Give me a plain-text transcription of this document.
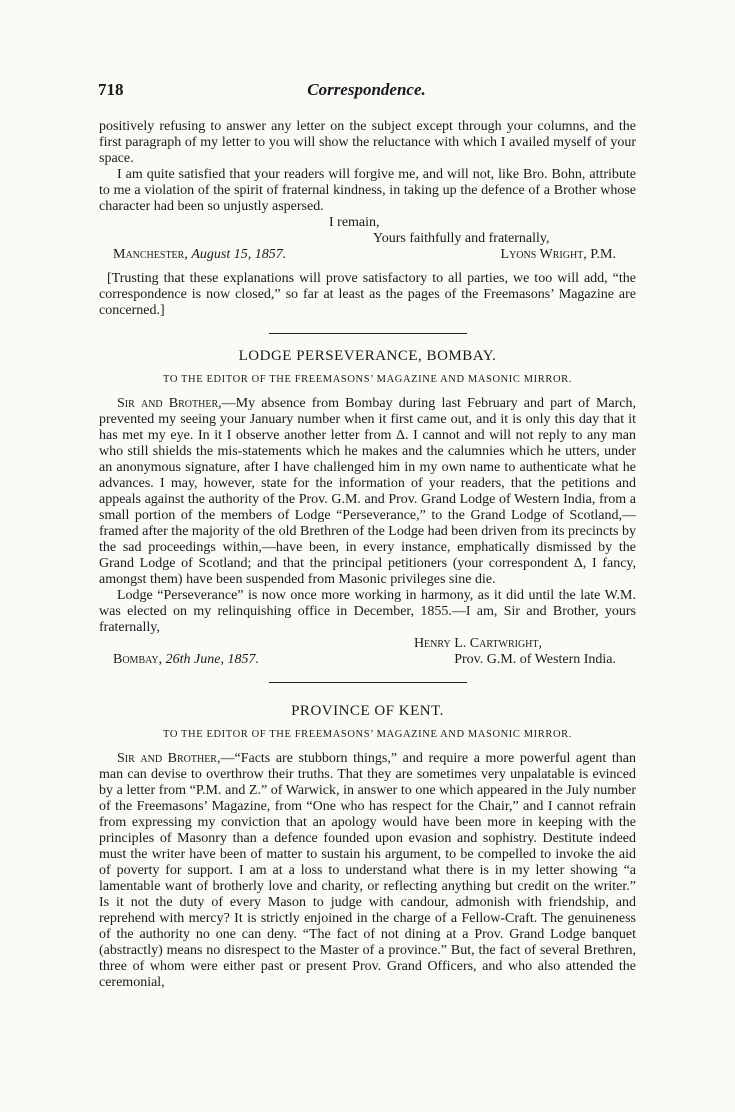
718	Correspondence.

positively refusing to answer any letter on the subject except through your columns, and the first paragraph of my letter to you will show the reluctance with which I availed myself of your space.

I am quite satisfied that your readers will forgive me, and will not, like Bro. Bohn, attribute to me a violation of the spirit of fraternal kindness, in taking up the defence of a Brother whose character had been so unjustly aspersed.

I remain,
Yours faithfully and fraternally,
Manchester, August 15, 1857.	Lyons Wright, P.M.

[Trusting that these explanations will prove satisfactory to all parties, we too will add, “the correspondence is now closed,” so far at least as the pages of the Freemasons’ Magazine are concerned.]

LODGE PERSEVERANCE, BOMBAY.
TO THE EDITOR OF THE FREEMASONS’ MAGAZINE AND MASONIC MIRROR.

Sir and Brother,—My absence from Bombay during last February and part of March, prevented my seeing your January number when it first came out, and it is only this day that it has met my eye. In it I observe another letter from Δ. I cannot and will not reply to any man who still shields the mis-statements which he makes and the calumnies which he utters, under an anonymous signature, after I have challenged him in my own name to authenticate what he advances. I may, however, state for the information of your readers, that the petitions and appeals against the authority of the Prov. G.M. and Prov. Grand Lodge of Western India, from a small portion of the members of Lodge “Perseverance,” to the Grand Lodge of Scotland,—framed after the majority of the old Brethren of the Lodge had been driven from its precincts by the sad proceedings within,—have been, in every instance, emphatically dismissed by the Grand Lodge of Scotland; and that the principal petitioners (your correspondent Δ, I fancy, amongst them) have been suspended from Masonic privileges sine die.

Lodge “Perseverance” is now once more working in harmony, as it did until the late W.M. was elected on my relinquishing office in December, 1855.—I am, Sir and Brother, yours fraternally,

Henry L. Cartwright,
Bombay, 26th June, 1857.	Prov. G.M. of Western India.
PROVINCE OF KENT.
TO THE EDITOR OF THE FREEMASONS’ MAGAZINE AND MASONIC MIRROR.

Sir and Brother,—“Facts are stubborn things,” and require a more powerful agent than man can devise to overthrow their truths. That they are sometimes very unpalatable is evinced by a letter from “P.M. and Z.” of Warwick, in answer to one which appeared in the July number of the Freemasons’ Magazine, from “One who has respect for the Chair,” and I cannot refrain from expressing my conviction that an apology would have been more in keeping with the principles of Masonry than a defence founded upon evasion and sophistry. Destitute indeed must the writer have been of matter to sustain his argument, to be compelled to invoke the aid of poverty for support. I am at a loss to understand what there is in my letter showing “a lamentable want of brotherly love and charity, or reflecting anything but credit on the writer.” Is it not the duty of every Mason to judge with candour, admonish with friendship, and reprehend with mercy? It is strictly enjoined in the charge of a Fellow-Craft. The genuineness of the authority no one can deny. “The fact of not dining at a Prov. Grand Lodge banquet (abstractly) means no disrespect to the Master of a province.” But, the fact of several Brethren, three of whom were either past or present Prov. Grand Officers, and who also attended the ceremonial,
